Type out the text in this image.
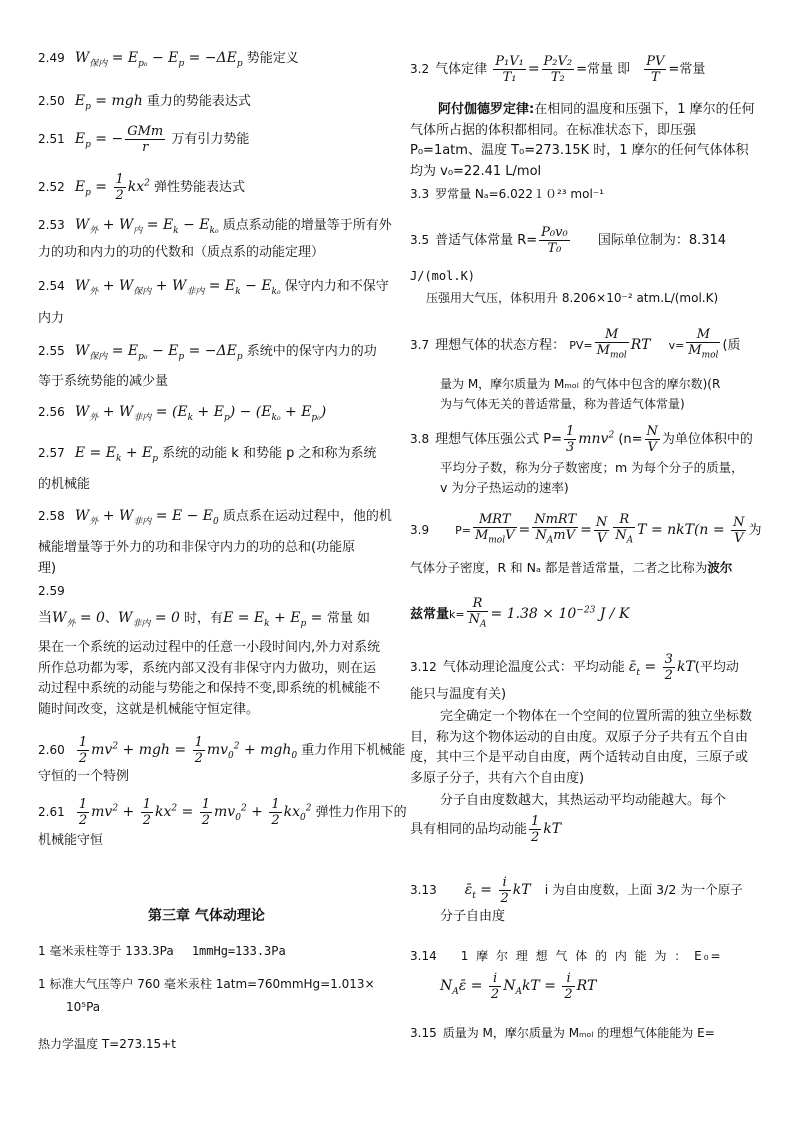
2.49 $W_{保内} = E_{p_0} - E_p = -\Delta E_p$ 势能定义
2.50 $E_p$ = mgh 重力的势能表达式
2.51 $E_p$ = − $\frac{\text{GMm}}{r}$ 万有引力势能
2.52 $E_p = \frac{1}{2} kx^2$ 弹性势能表达式
2.53 $W_外 + W_内 = E_k - E_{k_0}$ 质点系动能的增量等于所有外
力的功和内力的功的代数和（质点系的动能定理）
2.54 $W_外 + W_{保内} + W_{非内} = E_k - E_{k_0}$ 保守内力和不保守
内力
2.55 $W_{保内} = E_{p_0} - E_p = -\Delta E_p$ 系统中的保守内力的功
等于系统势能的减少量
2.56 $W_外 + W_{非内} = (E_k + E_p) - (E_{k_0} + E_{p_0})$
2.57 $E = E_k + E_p$ 系统的动能 k 和势能 p 之和称为系统
的机械能
2.58 $W_外 + W_{非内} = E - E_0$ 质点系在运动过程中，他的机
械能增量等于外力的功和非保守内力的功的总和(功能原
理)
2.59
当$W_外 = 0$、$W_{非内} = 0$ 时，有$E = E_k + E_p$ = 常量 如
果在一个系统的运动过程中的任意一小段时间内,外力对系统所作总功都为零，系统内部又没有非保守内力做功，则在运动过程中系统的动能与势能之和保持不变,即系统的机械能不随时间改变，这就是机械能守恒定律。
$2.60 \frac{1}{2} mv^2$ + mgh = $\frac{1}{2} mv_0^2 + mgh_0$ 重力作用下机械能
守恒的一个特例
$2.61 \frac{1}{2} mv^2 + \frac{1}{2} kx^2 = \frac{1}{2} mv_0^2 + \frac{1}{2} kx_0^2$ 弹性力作用下的
机械能守恒
第三章 气体动理论
1 毫米汞柱等于 133.3Pa 1mmHg=133.3Pa
1 标准大气压等户 760 毫米汞柱 1atm=760mmHg=1.013×
10⁵Pa
热力学温度 T=273.15+t
3.2 气体定律 $\frac{\text{P₁V₁}}{\text{T₁}} = \frac{\text{P₂V₂}}{\text{T₂}}$ =常量 即 $\frac{PV}{T}$ =常量
阿付伽德罗定律:在相同的温度和压强下，1 摩尔的任何气体所占据的体积都相同。在标准状态下，即压强 P₀=1atm、温度 T₀=273.15K 时，1 摩尔的任何气体体积均为 v₀=22.41 L/mol
3.3 罗常量 Nₐ=6.022１０²³ mol⁻¹
3.5 普适气体常量 $R= \frac{\text{P₀v₀}}{\text{T₀}}$ 国际单位制为：8.314
J/(mol.K)
压强用大气压，体积用升 8.206×10⁻² atm.L/(mol.K)
3.7 理想气体的状态方程： $PV= \frac{M}{M_{mol}}$ RT $v= \frac{M}{M_{mol}}$ (质
量为 M，摩尔质量为 Mₘₒₗ 的气体中包含的摩尔数)(R
为与气体无关的普适常量，称为普适气体常量)
3.8 理想气体压强公式 $P= \frac{1}{3} mnv^2$ ($n= \frac{N}{V}$ 为单位体积中的
平均分子数，称为分子数密度；m 为每个分子的质量，
v 为分子热运动的速率)
3.9 $P= \frac{\text{MRT}}{M_{mol}V} = \frac{\text{NmRT}}{N_AmV} = \frac{N}{V} \frac{R}{N_A}$ $T = nkT(n = \frac{N}{V}$ 为
气体分子密度，R 和 Nₐ 都是普适常量，二者之比称为波尔
兹常量$k= \frac{R}{N_A} = 1.38 \times 10^{-23}$ J / K
3.12 气体动理论温度公式：平均动能 $\varepsilon̄_t = \frac{3}{2} kT$(平均动
能只与温度有关)
完全确定一个物体在一个空间的位置所需的独立坐标数目，称为这个物体运动的自由度。双原子分子共有五个自由度，其中三个是平动自由度，两个适转动自由度，三原子或多原子分子，共有六个自由度)
分子自由度数越大，其热运动平均动能越大。每个
具有相同的品均动能 $\frac{1}{2}$ kT
3.13 $\varepsilon̄_t = \frac{i}{2}$ kT i 为自由度数，上面 3/2 为一个原子
分子自由度
3.14 1 摩 尔 理 想 气 体 的 内 能 为 ： E₀=
$N_A\varepsilon̄ = \frac{i}{2} N_AkT = \frac{i}{2}$ RT
3.15 质量为 M，摩尔质量为 Mₘₒₗ 的理想气体能能为 E=
